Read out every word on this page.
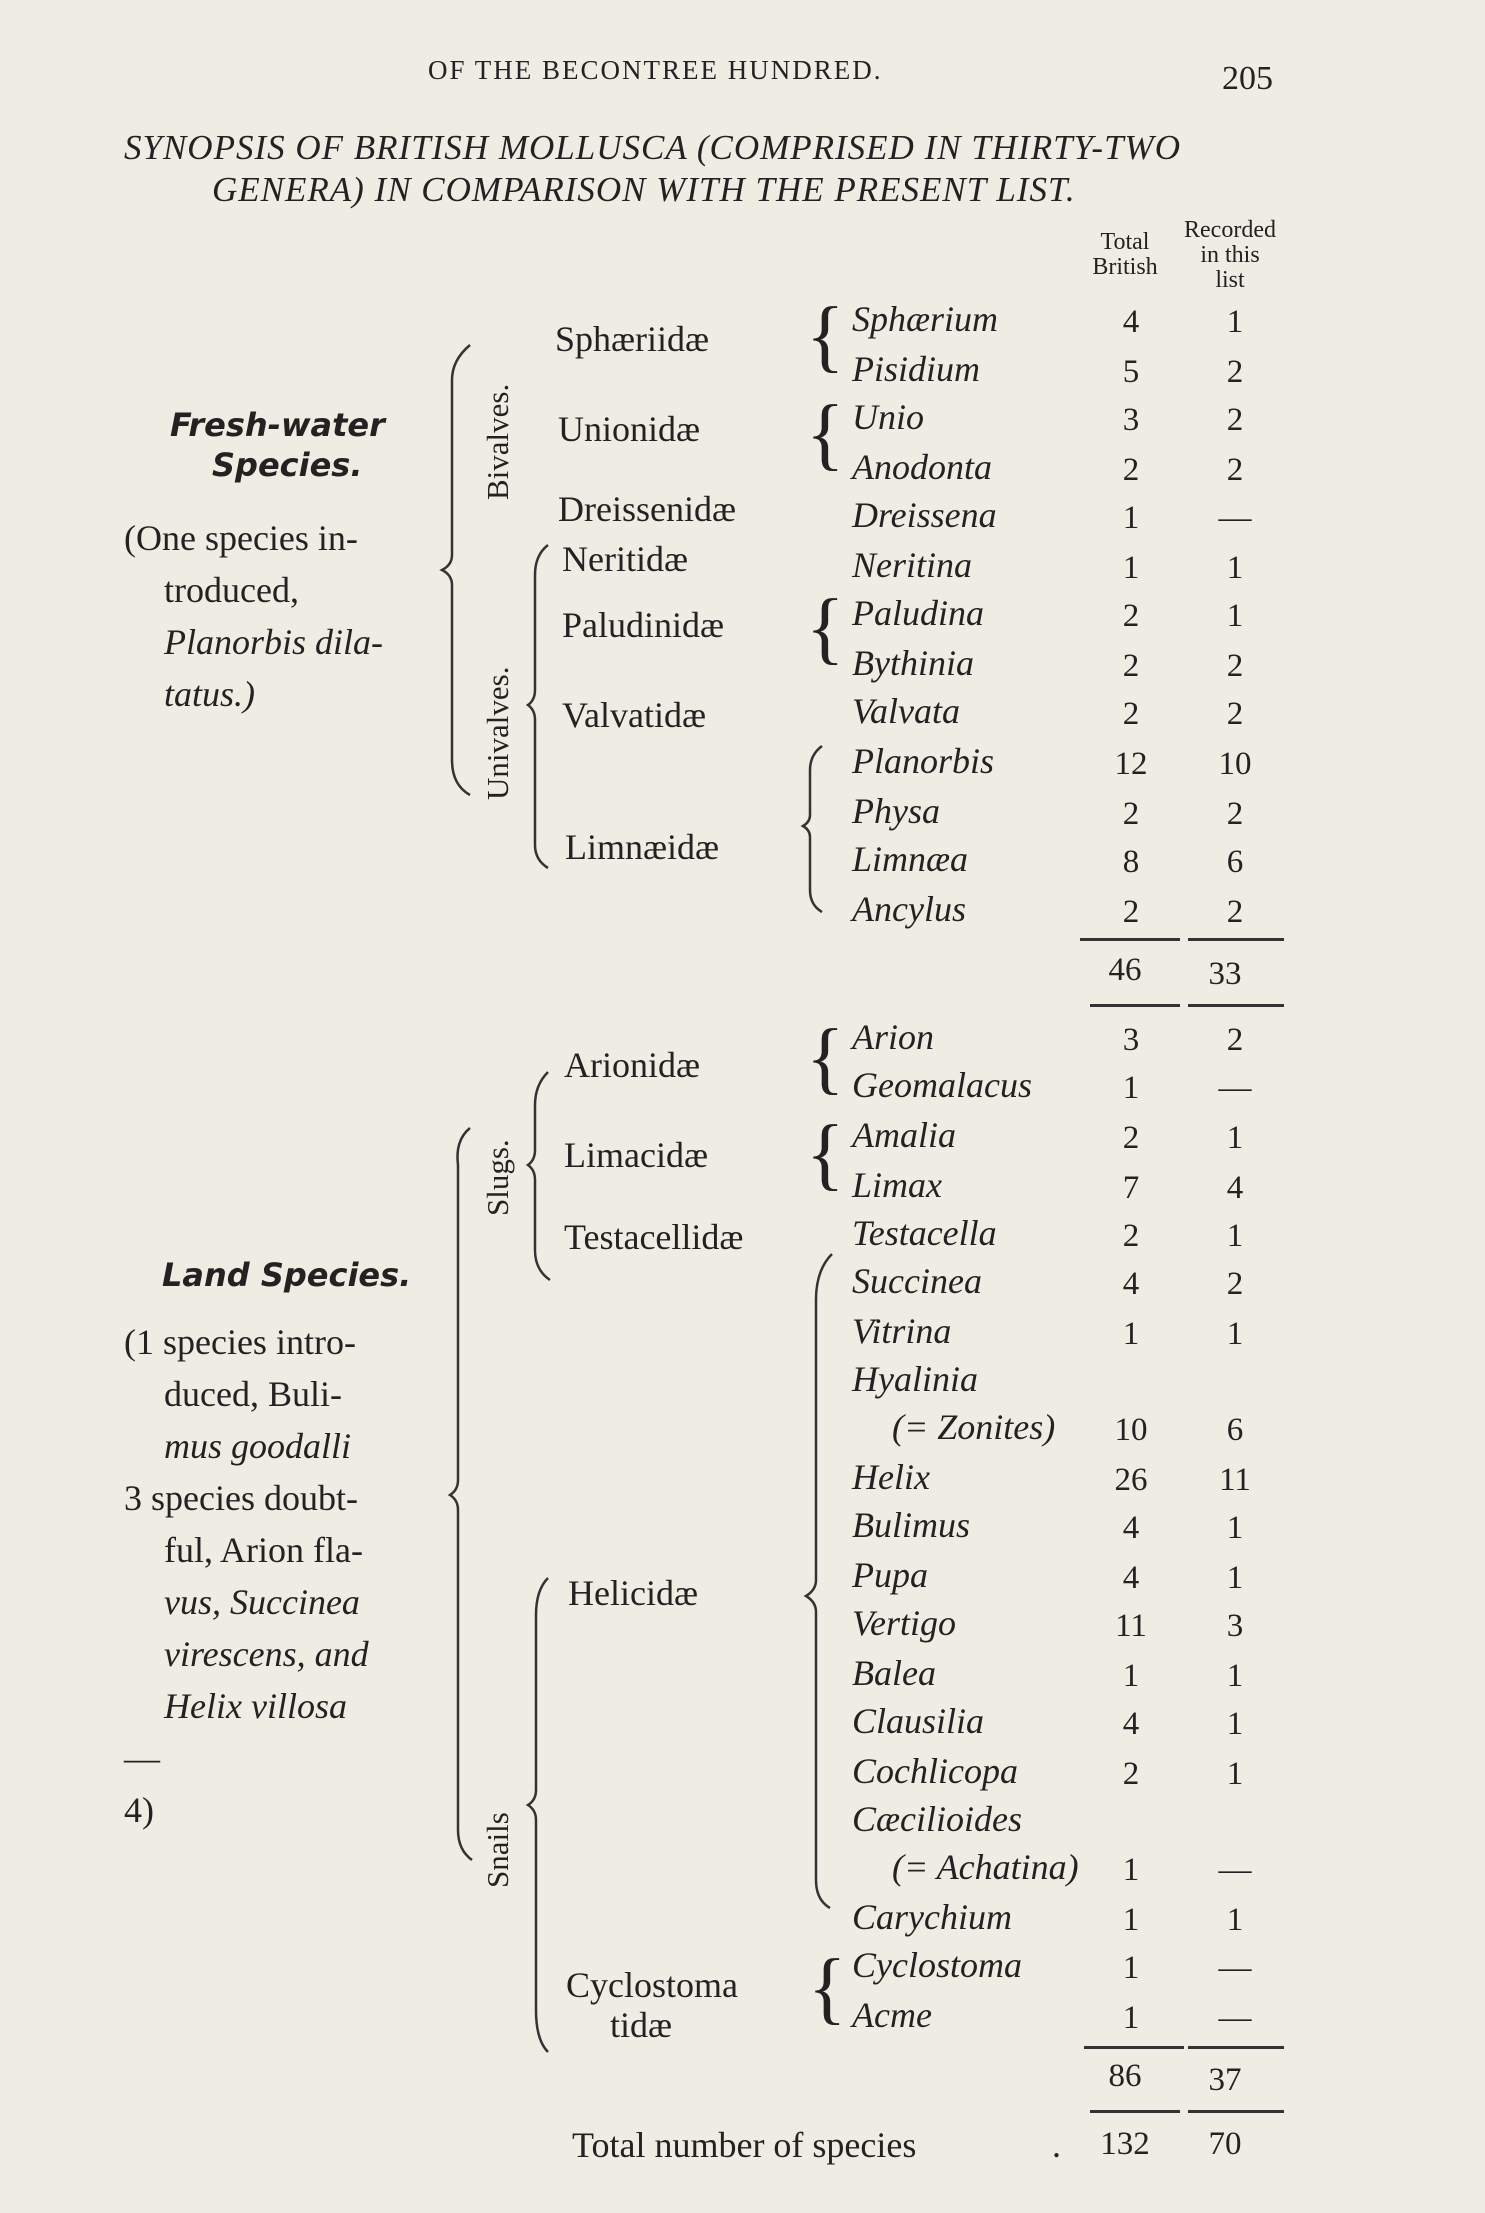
OF THE BECONTREE HUNDRED.	205
SYNOPSIS OF BRITISH MOLLUSCA (COMPRISED IN THIRTY-TWO
GENERA) IN COMPARISON WITH THE PRESENT LIST.
Total
British
Recorded
in this
list
Fresh-water
Species.
(One species in-
troduced,
Planorbis dila-
tatus.)
Land Species.
(1 species intro-
duced, Buli-
mus goodalli
3 species doubt-
ful, Arion fla-
vus, Succinea
virescens, and
Helix villosa
—
4)
Bivalves.
Univalves.
Slugs.
Snails
Sphæriidæ
Unionidæ
Dreissenidæ
Neritidæ
Paludinidæ
Valvatidæ
Limnæidæ
Arionidæ
Limacidæ
Testacellidæ
Helicidæ
Cyclostoma
tidæ
Sphærium	4	1
Pisidium	5	2
Unio	3	2
Anodonta	2	2
Dreissena	1	—
Neritina	1	1
Paludina	2	1
Bythinia	2	2
Valvata	2	2
Planorbis	12	10
Physa	2	2
Limnæa	8	6
Ancylus	2	2
Arion	3	2
Geomalacus	1	—
Amalia	2	1
Limax	7	4
Testacella	2	1
Succinea	4	2
Vitrina	1	1
Hyalinia
(= Zonites)	10	6
Helix	26	11
Bulimus	4	1
Pupa	4	1
Vertigo	11	3
Balea	1	1
Clausilia	4	1
Cochlicopa	2	1
Cæcilioides
(= Achatina)	1	—
Carychium	1	1
Cyclostoma	1	—
Acme	1	—
46	33
86	37
Total number of species	.	132	70
{
{
{
{
{
{
